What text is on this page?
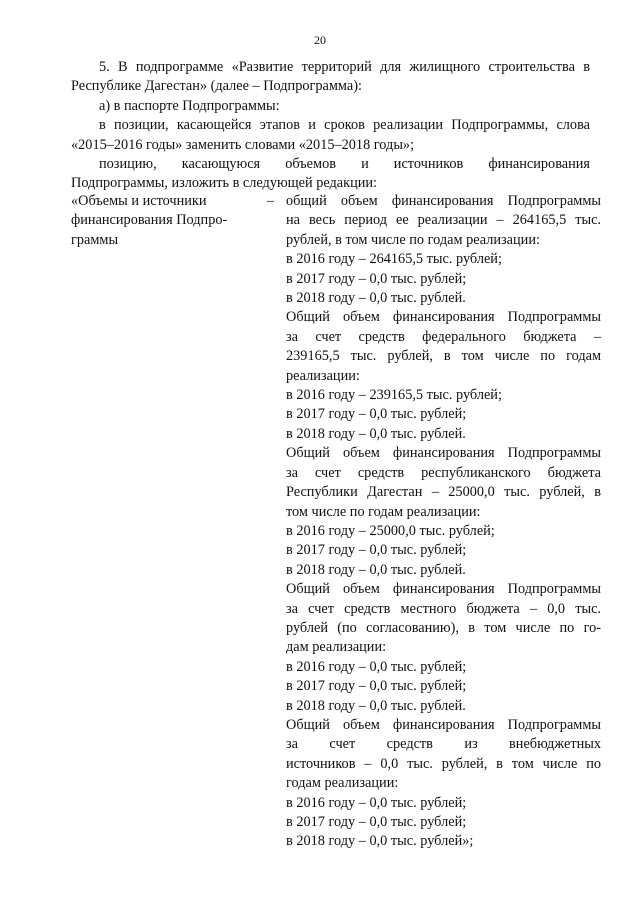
20

5. В подпрограмме «Развитие территорий для жилищного строительства в

Республике Дагестан» (далее – Подпрограмма):

а) в паспорте Подпрограммы:

в позиции, касающейся этапов и сроков реализации Подпрограммы, слова

«2015–2016 годы» заменить словами «2015–2018 годы»;

позицию, касающуюся объемов и источников финансирования

Подпрограммы, изложить в следующей редакции:

«Объемы и источники финансирования Подпро-граммы
– общий объем финансирования Подпрограммы

на весь период ее реализации – 264165,5 тыс.

рублей, в том числе по годам реализации:

в 2016 году – 264165,5 тыс. рублей;

в 2017 году – 0,0 тыс. рублей;

в 2018 году – 0,0 тыс. рублей.

Общий объем финансирования Подпрограммы

за счет средств федерального бюджета –

239165,5 тыс. рублей, в том числе по годам

реализации:

в 2016 году – 239165,5 тыс. рублей;

в 2017 году – 0,0 тыс. рублей;

в 2018 году – 0,0 тыс. рублей.

Общий объем финансирования Подпрограммы

за счет средств республиканского бюджета

Республики Дагестан – 25000,0 тыс. рублей, в

том числе по годам реализации:

в 2016 году – 25000,0 тыс. рублей;

в 2017 году – 0,0 тыс. рублей;

в 2018 году – 0,0 тыс. рублей.

Общий объем финансирования Подпрограммы

за счет средств местного бюджета – 0,0 тыс.

рублей (по согласованию), в том числе по го-

дам реализации:

в 2016 году – 0,0 тыс. рублей;

в 2017 году – 0,0 тыс. рублей;

в 2018 году – 0,0 тыс. рублей.

Общий объем финансирования Подпрограммы

за счет средств из внебюджетных

источников – 0,0 тыс. рублей, в том числе по

годам реализации:

в 2016 году – 0,0 тыс. рублей;

в 2017 году – 0,0 тыс. рублей;

в 2018 году – 0,0 тыс. рублей»;
